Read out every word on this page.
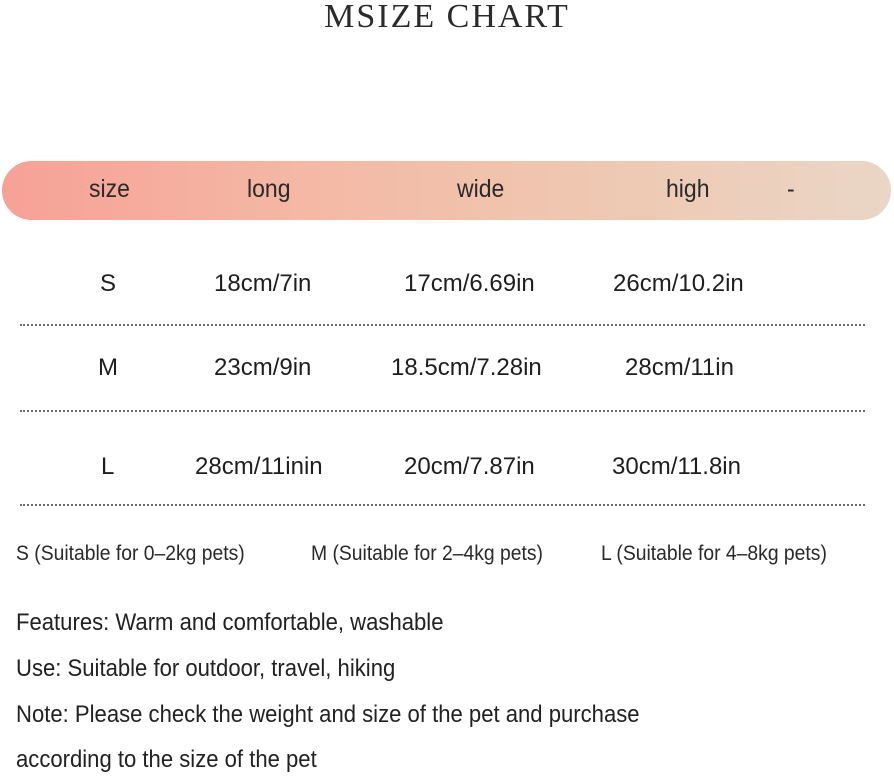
MSIZE CHART
size	long	wide	high	-
S	18cm/7in	17cm/6.69in	26cm/10.2in
M	23cm/9in	18.5cm/7.28in	28cm/11in
L	28cm/11inin	20cm/7.87in	30cm/11.8in
S (Suitable for 0–2kg pets)	M (Suitable for 2–4kg pets)	L (Suitable for 4–8kg pets)
Features: Warm and comfortable, washable
Use: Suitable for outdoor, travel, hiking
Note: Please check the weight and size of the pet and purchase
according to the size of the pet
